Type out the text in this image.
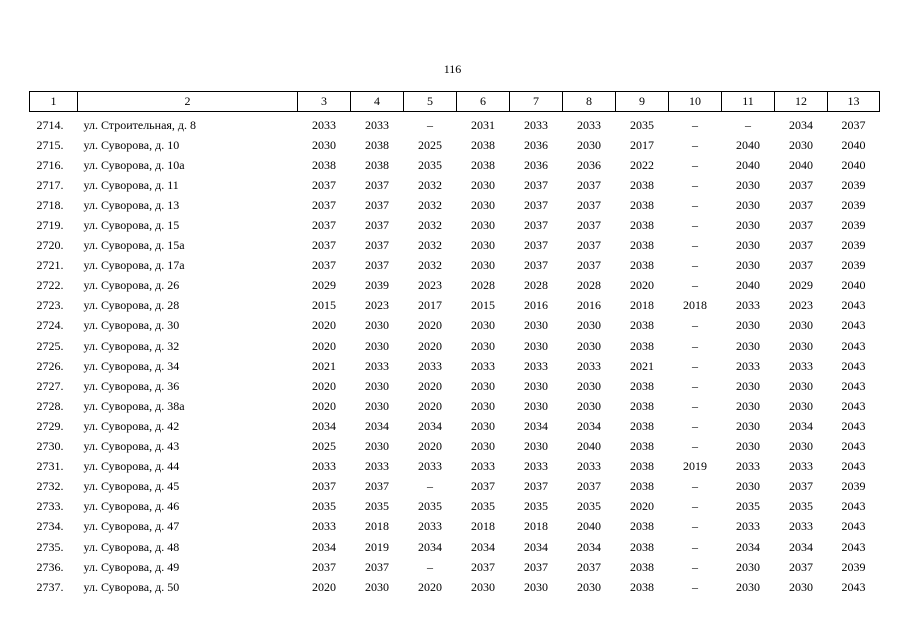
116
1	2	3	4	5	6	7	8	9	10	11	12	13
2714.	ул. Строительная, д. 8	2033	2033	–	2031	2033	2033	2035	–	–	2034	2037
2715.	ул. Суворова, д. 10	2030	2038	2025	2038	2036	2030	2017	–	2040	2030	2040
2716.	ул. Суворова, д. 10а	2038	2038	2035	2038	2036	2036	2022	–	2040	2040	2040
2717.	ул. Суворова, д. 11	2037	2037	2032	2030	2037	2037	2038	–	2030	2037	2039
2718.	ул. Суворова, д. 13	2037	2037	2032	2030	2037	2037	2038	–	2030	2037	2039
2719.	ул. Суворова, д. 15	2037	2037	2032	2030	2037	2037	2038	–	2030	2037	2039
2720.	ул. Суворова, д. 15а	2037	2037	2032	2030	2037	2037	2038	–	2030	2037	2039
2721.	ул. Суворова, д. 17а	2037	2037	2032	2030	2037	2037	2038	–	2030	2037	2039
2722.	ул. Суворова, д. 26	2029	2039	2023	2028	2028	2028	2020	–	2040	2029	2040
2723.	ул. Суворова, д. 28	2015	2023	2017	2015	2016	2016	2018	2018	2033	2023	2043
2724.	ул. Суворова, д. 30	2020	2030	2020	2030	2030	2030	2038	–	2030	2030	2043
2725.	ул. Суворова, д. 32	2020	2030	2020	2030	2030	2030	2038	–	2030	2030	2043
2726.	ул. Суворова, д. 34	2021	2033	2033	2033	2033	2033	2021	–	2033	2033	2043
2727.	ул. Суворова, д. 36	2020	2030	2020	2030	2030	2030	2038	–	2030	2030	2043
2728.	ул. Суворова, д. 38а	2020	2030	2020	2030	2030	2030	2038	–	2030	2030	2043
2729.	ул. Суворова, д. 42	2034	2034	2034	2030	2034	2034	2038	–	2030	2034	2043
2730.	ул. Суворова, д. 43	2025	2030	2020	2030	2030	2040	2038	–	2030	2030	2043
2731.	ул. Суворова, д. 44	2033	2033	2033	2033	2033	2033	2038	2019	2033	2033	2043
2732.	ул. Суворова, д. 45	2037	2037	–	2037	2037	2037	2038	–	2030	2037	2039
2733.	ул. Суворова, д. 46	2035	2035	2035	2035	2035	2035	2020	–	2035	2035	2043
2734.	ул. Суворова, д. 47	2033	2018	2033	2018	2018	2040	2038	–	2033	2033	2043
2735.	ул. Суворова, д. 48	2034	2019	2034	2034	2034	2034	2038	–	2034	2034	2043
2736.	ул. Суворова, д. 49	2037	2037	–	2037	2037	2037	2038	–	2030	2037	2039
2737.	ул. Суворова, д. 50	2020	2030	2020	2030	2030	2030	2038	–	2030	2030	2043
